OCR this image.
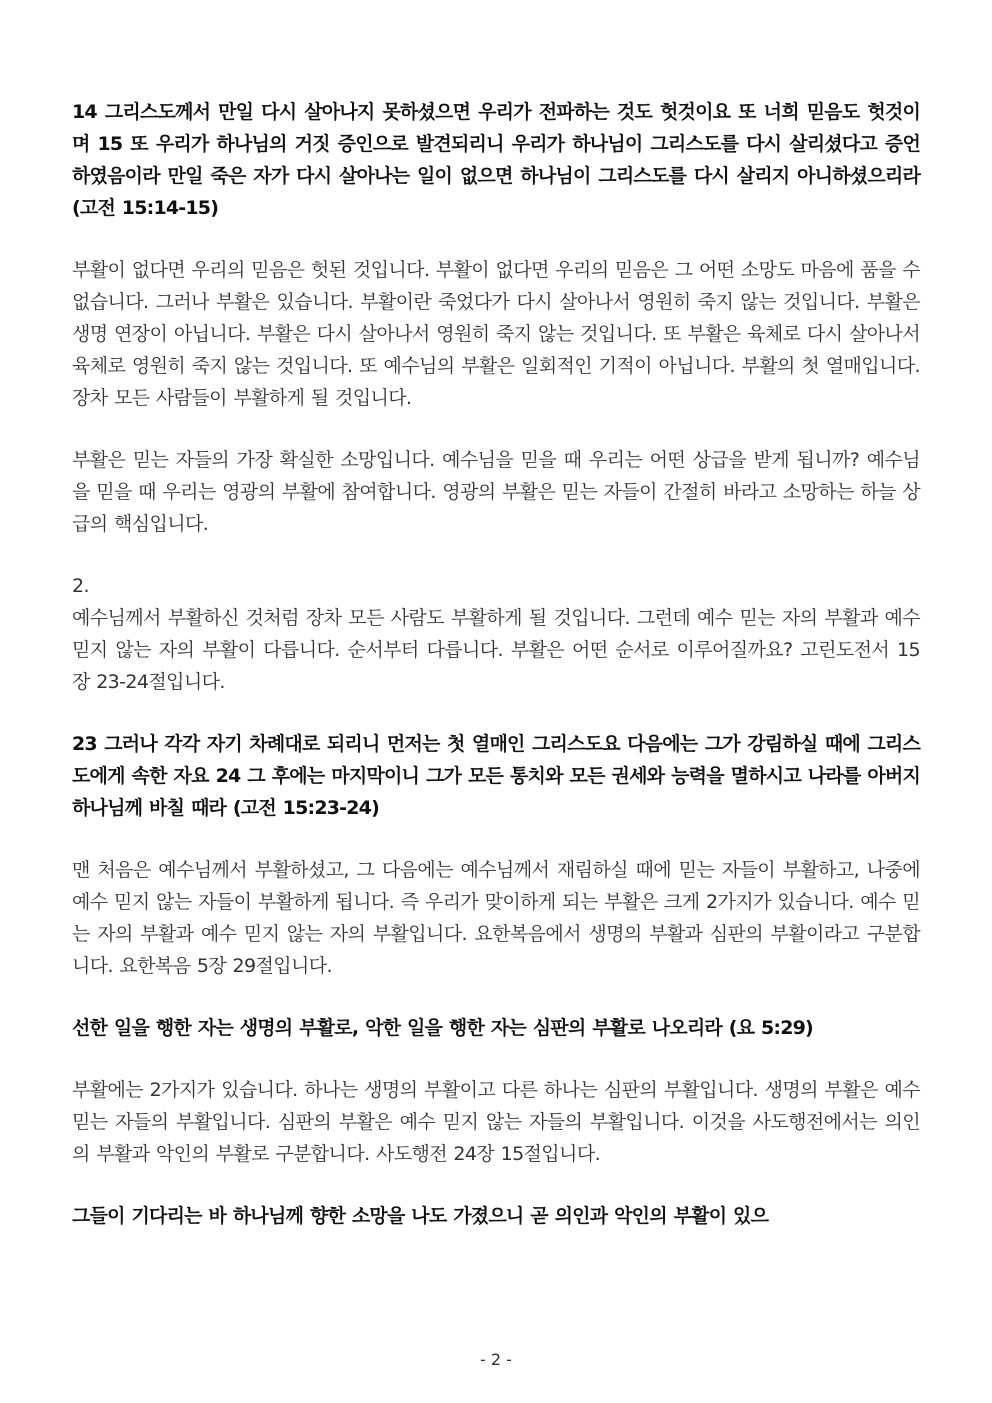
14 그리스도께서 만일 다시 살아나지 못하셨으면 우리가 전파하는 것도 헛것이요 또 너희 믿음도 헛것이며 15 또 우리가 하나님의 거짓 증인으로 발견되리니 우리가 하나님이 그리스도를 다시 살리셨다고 증언하였음이라 만일 죽은 자가 다시 살아나는 일이 없으면 하나님이 그리스도를 다시 살리지 아니하셨으리라 (고전 15:14-15)

부활이 없다면 우리의 믿음은 헛된 것입니다. 부활이 없다면 우리의 믿음은 그 어떤 소망도 마음에 품을 수 없습니다. 그러나 부활은 있습니다. 부활이란 죽었다가 다시 살아나서 영원히 죽지 않는 것입니다. 부활은 생명 연장이 아닙니다. 부활은 다시 살아나서 영원히 죽지 않는 것입니다. 또 부활은 육체로 다시 살아나서 육체로 영원히 죽지 않는 것입니다. 또 예수님의 부활은 일회적인 기적이 아닙니다. 부활의 첫 열매입니다. 장차 모든 사람들이 부활하게 될 것입니다.

부활은 믿는 자들의 가장 확실한 소망입니다. 예수님을 믿을 때 우리는 어떤 상급을 받게 됩니까? 예수님을 믿을 때 우리는 영광의 부활에 참여합니다. 영광의 부활은 믿는 자들이 간절히 바라고 소망하는 하늘 상급의 핵심입니다.

2.

예수님께서 부활하신 것처럼 장차 모든 사람도 부활하게 될 것입니다. 그런데 예수 믿는 자의 부활과 예수 믿지 않는 자의 부활이 다릅니다. 순서부터 다릅니다. 부활은 어떤 순서로 이루어질까요? 고린도전서 15장 23-24절입니다.

23 그러나 각각 자기 차례대로 되리니 먼저는 첫 열매인 그리스도요 다음에는 그가 강림하실 때에 그리스도에게 속한 자요 24 그 후에는 마지막이니 그가 모든 통치와 모든 권세와 능력을 멸하시고 나라를 아버지 하나님께 바칠 때라 (고전 15:23-24)

맨 처음은 예수님께서 부활하셨고, 그 다음에는 예수님께서 재림하실 때에 믿는 자들이 부활하고, 나중에 예수 믿지 않는 자들이 부활하게 됩니다. 즉 우리가 맞이하게 되는 부활은 크게 2가지가 있습니다. 예수 믿는 자의 부활과 예수 믿지 않는 자의 부활입니다. 요한복음에서 생명의 부활과 심판의 부활이라고 구분합니다. 요한복음 5장 29절입니다.

선한 일을 행한 자는 생명의 부활로, 악한 일을 행한 자는 심판의 부활로 나오리라 (요 5:29)

부활에는 2가지가 있습니다. 하나는 생명의 부활이고 다른 하나는 심판의 부활입니다. 생명의 부활은 예수 믿는 자들의 부활입니다. 심판의 부활은 예수 믿지 않는 자들의 부활입니다. 이것을 사도행전에서는 의인의 부활과 악인의 부활로 구분합니다. 사도행전 24장 15절입니다.

그들이 기다리는 바 하나님께 향한 소망을 나도 가졌으니 곧 의인과 악인의 부활이 있으

- 2 -
